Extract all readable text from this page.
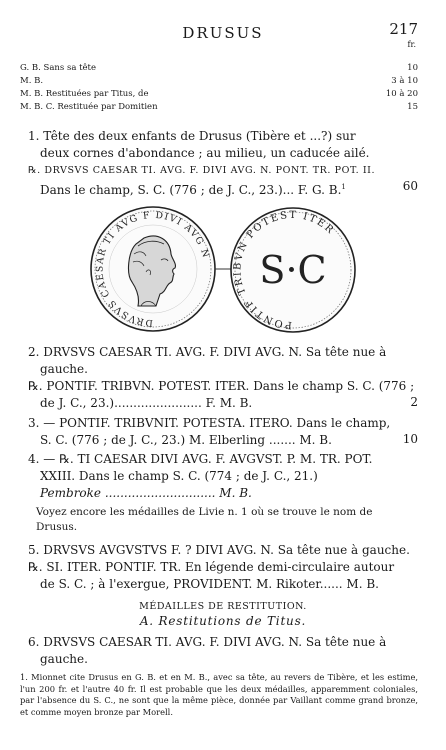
DRUSUS	217
fr.
G. B. Sans sa tête	10
M. B.	3 à 10
M. B. Restituées par Titus, de	10 à 20
M. B. C. Restituée par Domitien	15
1. Tête des deux enfants de Drusus (Tibère et ...?) sur
deux cornes d'abondance ; au milieu, un caducée ailé.
℞. DRVSVS CAESAR TI. AVG. F. DIVI AVG. N. PONT. TR. POT. II.
Dans le champ, S. C. (776 ; de J. C., 23.)... F. G. B.$^1$	60
DRVSVS CAESAR TI AVG F DIVI AVG N
PONTIF TRIBVN POTEST ITER
S·C
2. DRVSVS CAESAR TI. AVG. F. DIVI AVG. N. Sa tête nue à
gauche.
℞. PONTIF. TRIBVN. POTEST. ITER. Dans le champ S. C. (776 ;
de J. C., 23.)....................... F. M. B.	2
3. — PONTIF. TRIBVNIT. POTESTA. ITERO. Dans le champ,
S. C. (776 ; de J. C., 23.) M. Elberling ....... M. B.	10
4. — ℞. TI CAESAR DIVI AVG. F. AVGVST. P. M. TR. POT.
XXIII. Dans le champ S. C. (774 ; de J. C., 21.)
Pembroke ............................. M. B.
Voyez encore les médailles de Livie n. 1 où se trouve le nom de
Drusus.
5. DRVSVS AVGVSTVS F. ? DIVI AVG. N. Sa tête nue à gauche.
℞. SI. ITER. PONTIF. TR. En légende demi-circulaire autour
de S. C. ; à l'exergue, PROVIDENT. M. Rikoter...... M. B.
MÉDAILLES DE RESTITUTION.
A. Restitutions de Titus.
6. DRVSVS CAESAR TI. AVG. F. DIVI AVG. N. Sa tête nue à
gauche.
1. Mionnet cite Drusus en G. B. et en M. B., avec sa tête, au revers de Tibère, et les estime, l'un 200 fr. et l'autre 40 fr. Il est probable que les deux médailles, apparemment coloniales, par l'absence du S. C., ne sont que la même pièce, donnée par Vaillant comme grand bronze, et comme moyen bronze par Morell.
